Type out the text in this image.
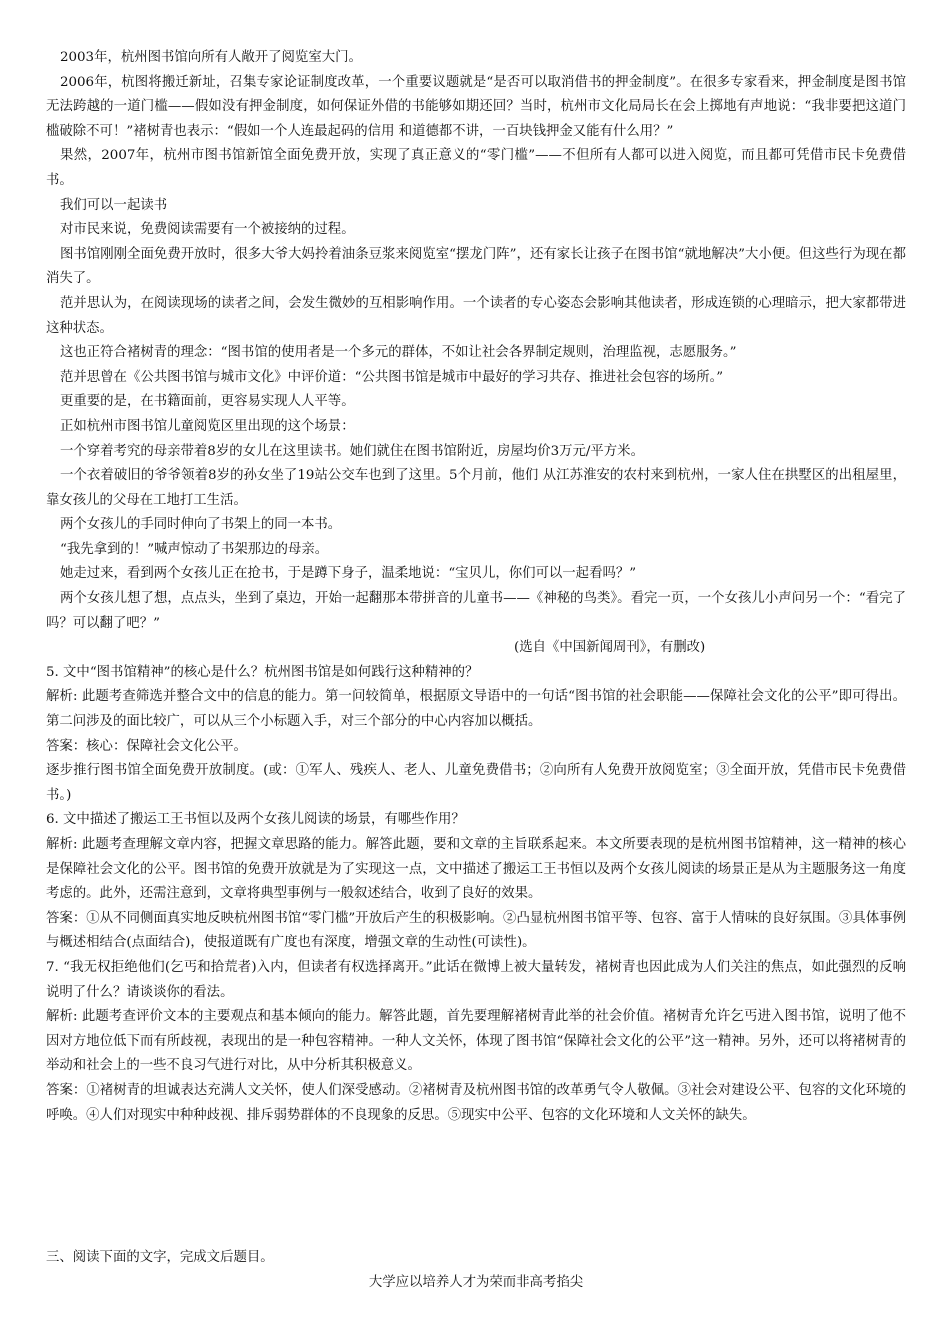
2003年，杭州图书馆向所有人敞开了阅览室大门。

2006年，杭图将搬迁新址，召集专家论证制度改革，一个重要议题就是“是否可以取消借书的押金制度”。在很多专家看来，押金制度是图书馆无法跨越的一道门槛——假如没有押金制度，如何保证外借的书能够如期还回？当时，杭州市文化局局长在会上掷地有声地说：“我非要把这道门槛破除不可！”褚树青也表示：“假如一个人连最起码的信用 和道德都不讲，一百块钱押金又能有什么用？”

果然，2007年，杭州市图书馆新馆全面免费开放，实现了真正意义的“零门槛”——不但所有人都可以进入阅览，而且都可凭借市民卡免费借书。

我们可以一起读书

对市民来说，免费阅读需要有一个被接纳的过程。

图书馆刚刚全面免费开放时，很多大爷大妈拎着油条豆浆来阅览室“摆龙门阵”，还有家长让孩子在图书馆“就地解决”大小便。但这些行为现在都消失了。

范并思认为，在阅读现场的读者之间，会发生微妙的互相影响作用。一个读者的专心姿态会影响其他读者，形成连锁的心理暗示，把大家都带进这种状态。

这也正符合褚树青的理念：“图书馆的使用者是一个多元的群体，不如让社会各界制定规则，治理监视，志愿服务。”

范并思曾在《公共图书馆与城市文化》中评价道：“公共图书馆是城市中最好的学习共存、推进社会包容的场所。”

更重要的是，在书籍面前，更容易实现人人平等。

正如杭州市图书馆儿童阅览区里出现的这个场景：

一个穿着考究的母亲带着8岁的女儿在这里读书。她们就住在图书馆附近，房屋均价3万元/平方米。

一个衣着破旧的爷爷领着8岁的孙女坐了19站公交车也到了这里。5个月前，他们 从江苏淮安的农村来到杭州，一家人住在拱墅区的出租屋里，靠女孩儿的父母在工地打工生活。

两个女孩儿的手同时伸向了书架上的同一本书。

“我先拿到的！”喊声惊动了书架那边的母亲。

她走过来，看到两个女孩儿正在抢书，于是蹲下身子，温柔地说：“宝贝儿，你们可以一起看吗？”

两个女孩儿想了想，点点头，坐到了桌边，开始一起翻那本带拼音的儿童书——《神秘的鸟类》。看完一页，一个女孩儿小声问另一个：“看完了吗？可以翻了吧？”

(选自《中国新闻周刊》，有删改)

5. 文中“图书馆精神”的核心是什么？杭州图书馆是如何践行这种精神的？

解析: 此题考查筛选并整合文中的信息的能力。第一问较简单，根据原文导语中的一句话“图书馆的社会职能——保障社会文化的公平”即可得出。第二问涉及的面比较广，可以从三个小标题入手，对三个部分的中心内容加以概括。

答案：核心：保障社会文化公平。

逐步推行图书馆全面免费开放制度。(或：①军人、残疾人、老人、儿童免费借书；②向所有人免费开放阅览室；③全面开放，凭借市民卡免费借书。)

6. 文中描述了搬运工王书恒以及两个女孩儿阅读的场景，有哪些作用？

解析: 此题考查理解文章内容，把握文章思路的能力。解答此题，要和文章的主旨联系起来。本文所要表现的是杭州图书馆精神，这一精神的核心是保障社会文化的公平。图书馆的免费开放就是为了实现这一点，文中描述了搬运工王书恒以及两个女孩儿阅读的场景正是从为主题服务这一角度考虑的。此外，还需注意到，文章将典型事例与一般叙述结合，收到了良好的效果。

答案：①从不同侧面真实地反映杭州图书馆“零门槛”开放后产生的积极影响。②凸显杭州图书馆平等、包容、富于人情味的良好氛围。③具体事例与概述相结合(点面结合)，使报道既有广度也有深度，增强文章的生动性(可读性)。

7. “我无权拒绝他们(乞丐和拾荒者)入内，但读者有权选择离开。”此话在微博上被大量转发，褚树青也因此成为人们关注的焦点，如此强烈的反响说明了什么？请谈谈你的看法。

解析: 此题考查评价文本的主要观点和基本倾向的能力。解答此题，首先要理解褚树青此举的社会价值。褚树青允许乞丐进入图书馆，说明了他不因对方地位低下而有所歧视，表现出的是一种包容精神。一种人文关怀，体现了图书馆“保障社会文化的公平”这一精神。另外，还可以将褚树青的举动和社会上的一些不良习气进行对比，从中分析其积极意义。

答案：①褚树青的坦诚表达充满人文关怀，使人们深受感动。②褚树青及杭州图书馆的改革勇气令人敬佩。③社会对建设公平、包容的文化环境的呼唤。④人们对现实中种种歧视、排斥弱势群体的不良现象的反思。⑤现实中公平、包容的文化环境和人文关怀的缺失。

三、阅读下面的文字，完成文后题目。

大学应以培养人才为荣而非高考掐尖
